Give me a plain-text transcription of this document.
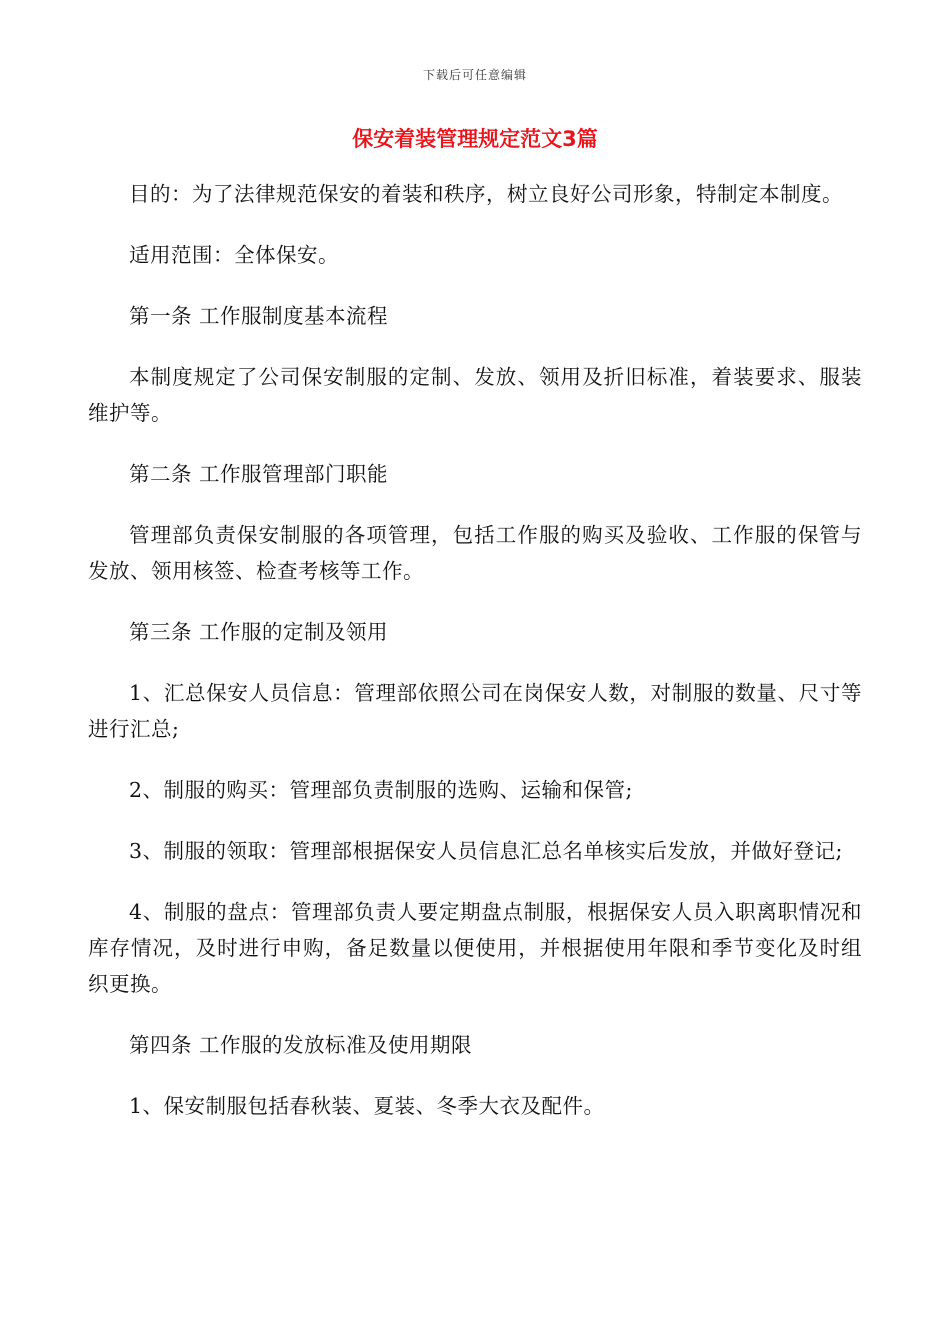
下载后可任意编辑
保安着装管理规定范文3篇

目的：为了法律规范保安的着装和秩序，树立良好公司形象，特制定本制度。

适用范围：全体保安。

第一条 工作服制度基本流程

本制度规定了公司保安制服的定制、发放、领用及折旧标准，着装要求、服装维护等。

第二条 工作服管理部门职能

管理部负责保安制服的各项管理，包括工作服的购买及验收、工作服的保管与发放、领用核签、检查考核等工作。

第三条 工作服的定制及领用

1、汇总保安人员信息：管理部依照公司在岗保安人数，对制服的数量、尺寸等进行汇总;

2、制服的购买：管理部负责制服的选购、运输和保管;

3、制服的领取：管理部根据保安人员信息汇总名单核实后发放，并做好登记;

4、制服的盘点：管理部负责人要定期盘点制服，根据保安人员入职离职情况和库存情况，及时进行申购，备足数量以便使用，并根据使用年限和季节变化及时组织更换。

第四条 工作服的发放标准及使用期限

1、保安制服包括春秋装、夏装、冬季大衣及配件。
